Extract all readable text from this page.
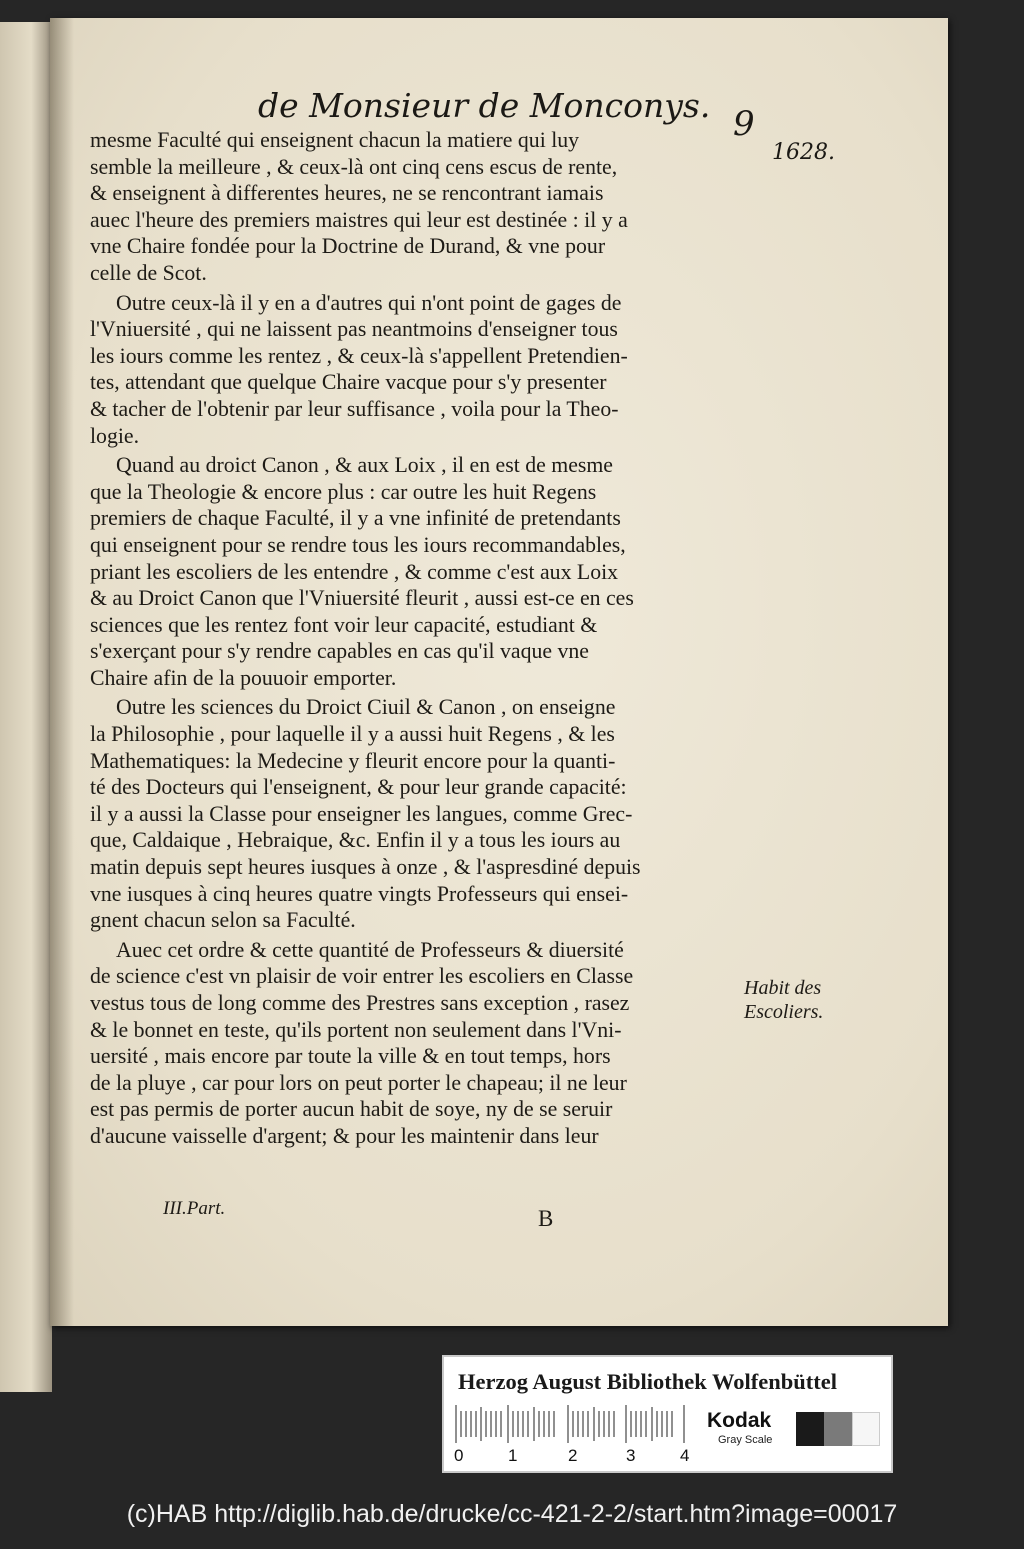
de Monsieur de Monconys. 9
1628.
mesme Faculté qui enseignent chacun la matiere qui luy
semble la meilleure , & ceux-là ont cinq cens escus de rente,
& enseignent à differentes heures, ne se rencontrant iamais
auec l'heure des premiers maistres qui leur est destinée : il y a
vne Chaire fondée pour la Doctrine de Durand, & vne pour
celle de Scot.
Outre ceux-là il y en a d'autres qui n'ont point de gages de
l'Vniuersité , qui ne laissent pas neantmoins d'enseigner tous
les iours comme les rentez , & ceux-là s'appellent Pretendien-
tes, attendant que quelque Chaire vacque pour s'y presenter
& tacher de l'obtenir par leur suffisance , voila pour la Theo-
logie.
Quand au droict Canon , & aux Loix , il en est de mesme
que la Theologie & encore plus : car outre les huit Regens
premiers de chaque Faculté, il y a vne infinité de pretendants
qui enseignent pour se rendre tous les iours recommandables,
priant les escoliers de les entendre , & comme c'est aux Loix
& au Droict Canon que l'Vniuersité fleurit , aussi est-ce en ces
sciences que les rentez font voir leur capacité, estudiant &
s'exerçant pour s'y rendre capables en cas qu'il vaque vne
Chaire afin de la pouuoir emporter.
Outre les sciences du Droict Ciuil & Canon , on enseigne
la Philosophie , pour laquelle il y a aussi huit Regens , & les
Mathematiques: la Medecine y fleurit encore pour la quanti-
té des Docteurs qui l'enseignent, & pour leur grande capacité:
il y a aussi la Classe pour enseigner les langues, comme Grec-
que, Caldaique , Hebraique, &c. Enfin il y a tous les iours au
matin depuis sept heures iusques à onze , & l'aspresdiné depuis
vne iusques à cinq heures quatre vingts Professeurs qui ensei-
gnent chacun selon sa Faculté.
Auec cet ordre & cette quantité de Professeurs & diuersité
de science c'est vn plaisir de voir entrer les escoliers en Classe
vestus tous de long comme des Prestres sans exception , rasez
& le bonnet en teste, qu'ils portent non seulement dans l'Vni-
uersité , mais encore par toute la ville & en tout temps, hors
de la pluye , car pour lors on peut porter le chapeau; il ne leur
est pas permis de porter aucun habit de soye, ny de se seruir
d'aucune vaisselle d'argent; & pour les maintenir dans leur
Habit des
Escoliers.
III.Part.	B
Herzog August Bibliothek Wolfenbüttel
0	1	2	3	4
Kodak
Gray Scale
(c)HAB http://diglib.hab.de/drucke/cc-421-2-2/start.htm?image=00017
